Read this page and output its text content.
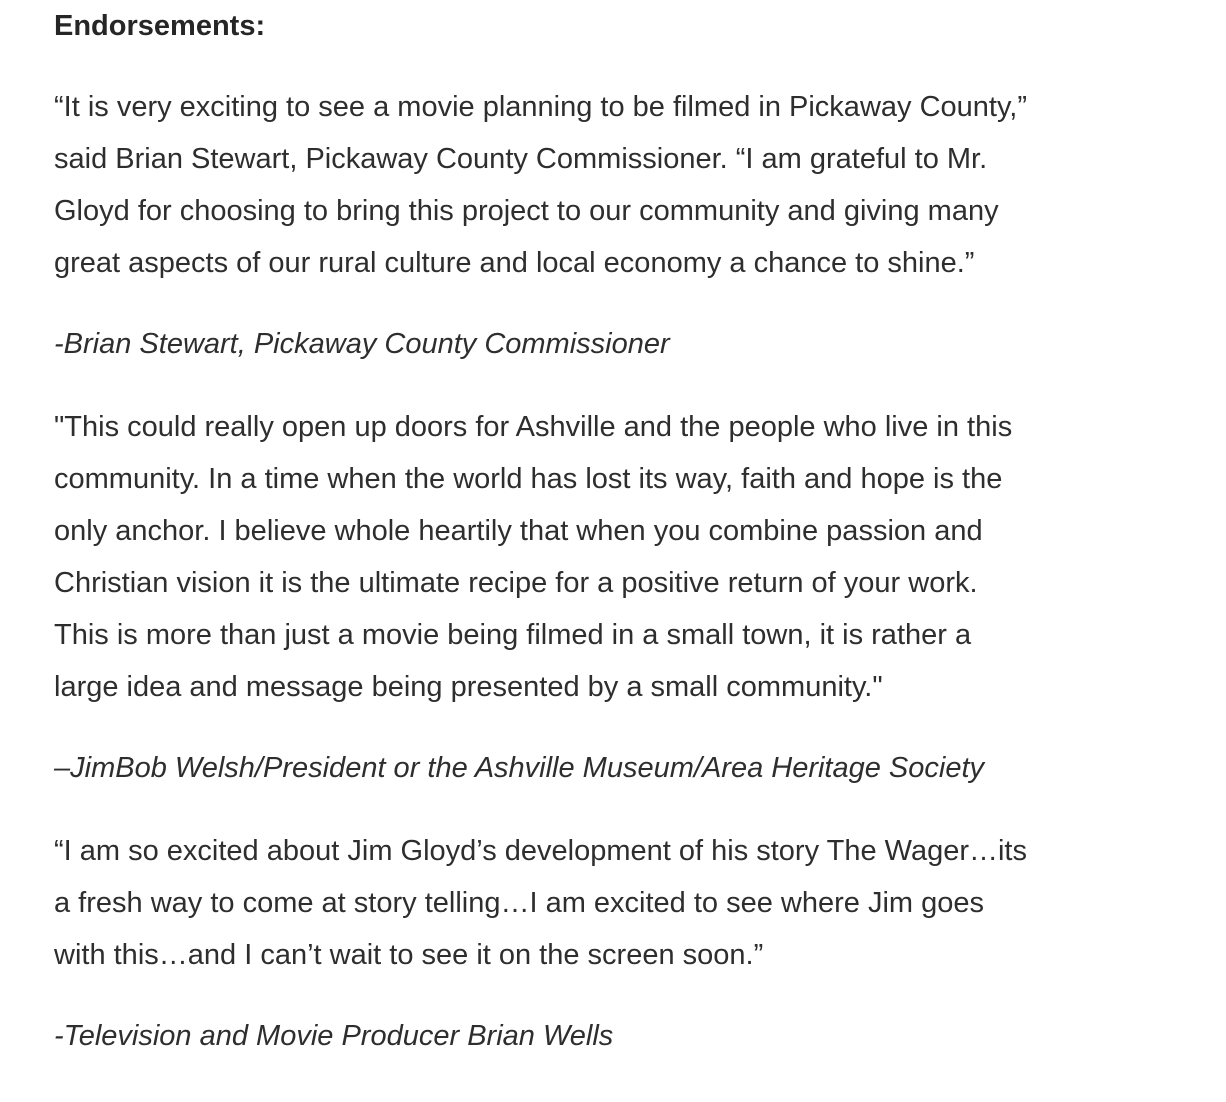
Endorsements:

“It is very exciting to see a movie planning to be filmed in Pickaway County,”
said Brian Stewart, Pickaway County Commissioner. “I am grateful to Mr.
Gloyd for choosing to bring this project to our community and giving many
great aspects of our rural culture and local economy a chance to shine.”

-Brian Stewart, Pickaway County Commissioner

"This could really open up doors for Ashville and the people who live in this
community. In a time when the world has lost its way, faith and hope is the
only anchor. I believe whole heartily that when you combine passion and
Christian vision it is the ultimate recipe for a positive return of your work.
This is more than just a movie being filmed in a small town, it is rather a
large idea and message being presented by a small community."

–JimBob Welsh/President or the Ashville Museum/Area Heritage Society

“I am so excited about Jim Gloyd’s development of his story The Wager…its
a fresh way to come at story telling…I am excited to see where Jim goes
with this…and I can’t wait to see it on the screen soon.”

-Television and Movie Producer Brian Wells
